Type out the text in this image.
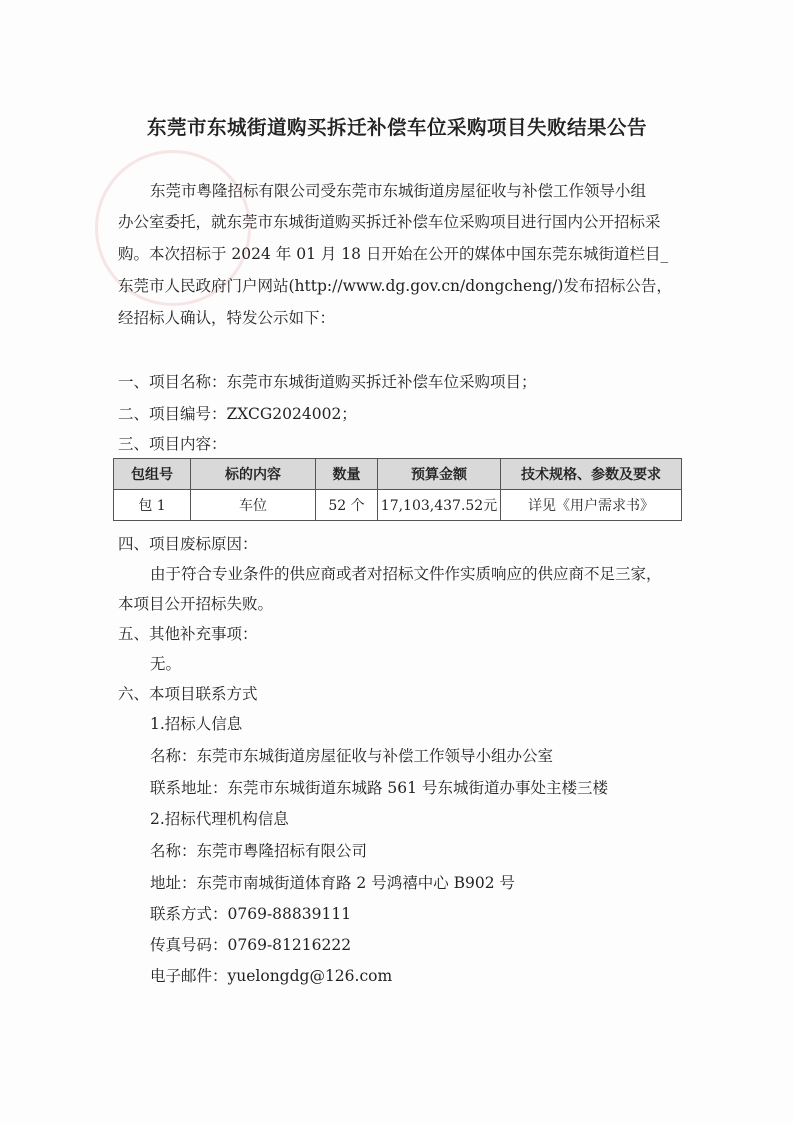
东莞市东城街道购买拆迁补偿车位采购项目失败结果公告
东莞市粤隆招标有限公司受东莞市东城街道房屋征收与补偿工作领导小组
办公室委托，就东莞市东城街道购买拆迁补偿车位采购项目进行国内公开招标采
购。本次招标于 2024 年 01 月 18 日开始在公开的媒体中国东莞东城街道栏目_
东莞市人民政府门户网站(http://www.dg.gov.cn/dongcheng/)发布招标公告，
经招标人确认，特发公示如下：
一、项目名称：东莞市东城街道购买拆迁补偿车位采购项目；
二、项目编号：ZXCG2024002；
三、项目内容：
包组号	标的内容	数量	预算金额	技术规格、参数及要求
包 1	车位	52 个	17,103,437.52元	详见《用户需求书》
四、项目废标原因：
由于符合专业条件的供应商或者对招标文件作实质响应的供应商不足三家，
本项目公开招标失败。
五、其他补充事项：
无。
六、本项目联系方式
1.招标人信息
名称：东莞市东城街道房屋征收与补偿工作领导小组办公室
联系地址：东莞市东城街道东城路 561 号东城街道办事处主楼三楼
2.招标代理机构信息
名称：东莞市粤隆招标有限公司
地址：东莞市南城街道体育路 2 号鸿禧中心 B902 号
联系方式：0769-88839111
传真号码：0769-81216222
电子邮件：yuelongdg@126.com
